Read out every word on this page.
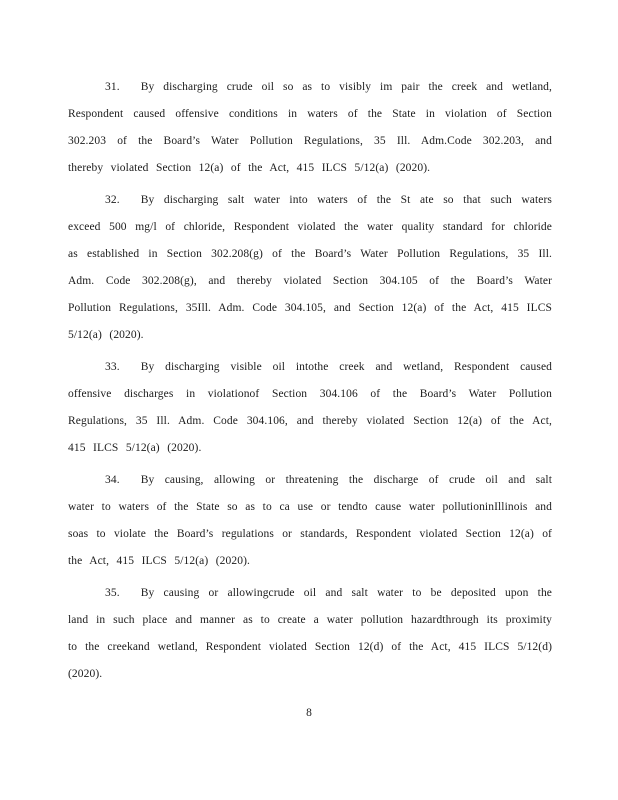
31. By discharging crude oil so as to visibly im pair the creek and wetland, Respondent caused offensive conditions in waters of the State in violation of Section 302.203 of the Board’s Water Pollution Regulations, 35 Ill. Adm.Code 302.203, and thereby violated Section 12(a) of the Act, 415 ILCS 5/12(a) (2020).

32. By discharging salt water into waters of the St ate so that such waters exceed 500 mg/l of chloride, Respondent violated the water quality standard for chloride as established in Section 302.208(g) of the Board’s Water Pollution Regulations, 35 Ill. Adm. Code 302.208(g), and thereby violated Section 304.105 of the Board’s Water Pollution Regulations, 35Ill. Adm. Code 304.105, and Section 12(a) of the Act, 415 ILCS 5/12(a) (2020).

33. By discharging visible oil intothe creek and wetland, Respondent caused offensive discharges in violationof Section 304.106 of the Board’s Water Pollution Regulations, 35 Ill. Adm. Code 304.106, and thereby violated Section 12(a) of the Act, 415 ILCS 5/12(a) (2020).

34. By causing, allowing or threatening the discharge of crude oil and salt water to waters of the State so as to ca use or tendto cause water pollutioninIllinois and soas to violate the Board’s regulations or standards, Respondent violated Section 12(a) of the Act, 415 ILCS 5/12(a) (2020).

35. By causing or allowingcrude oil and salt water to be deposited upon the land in such place and manner as to create a water pollution hazardthrough its proximity to the creekand wetland, Respondent violated Section 12(d) of the Act, 415 ILCS 5/12(d) (2020).

8
